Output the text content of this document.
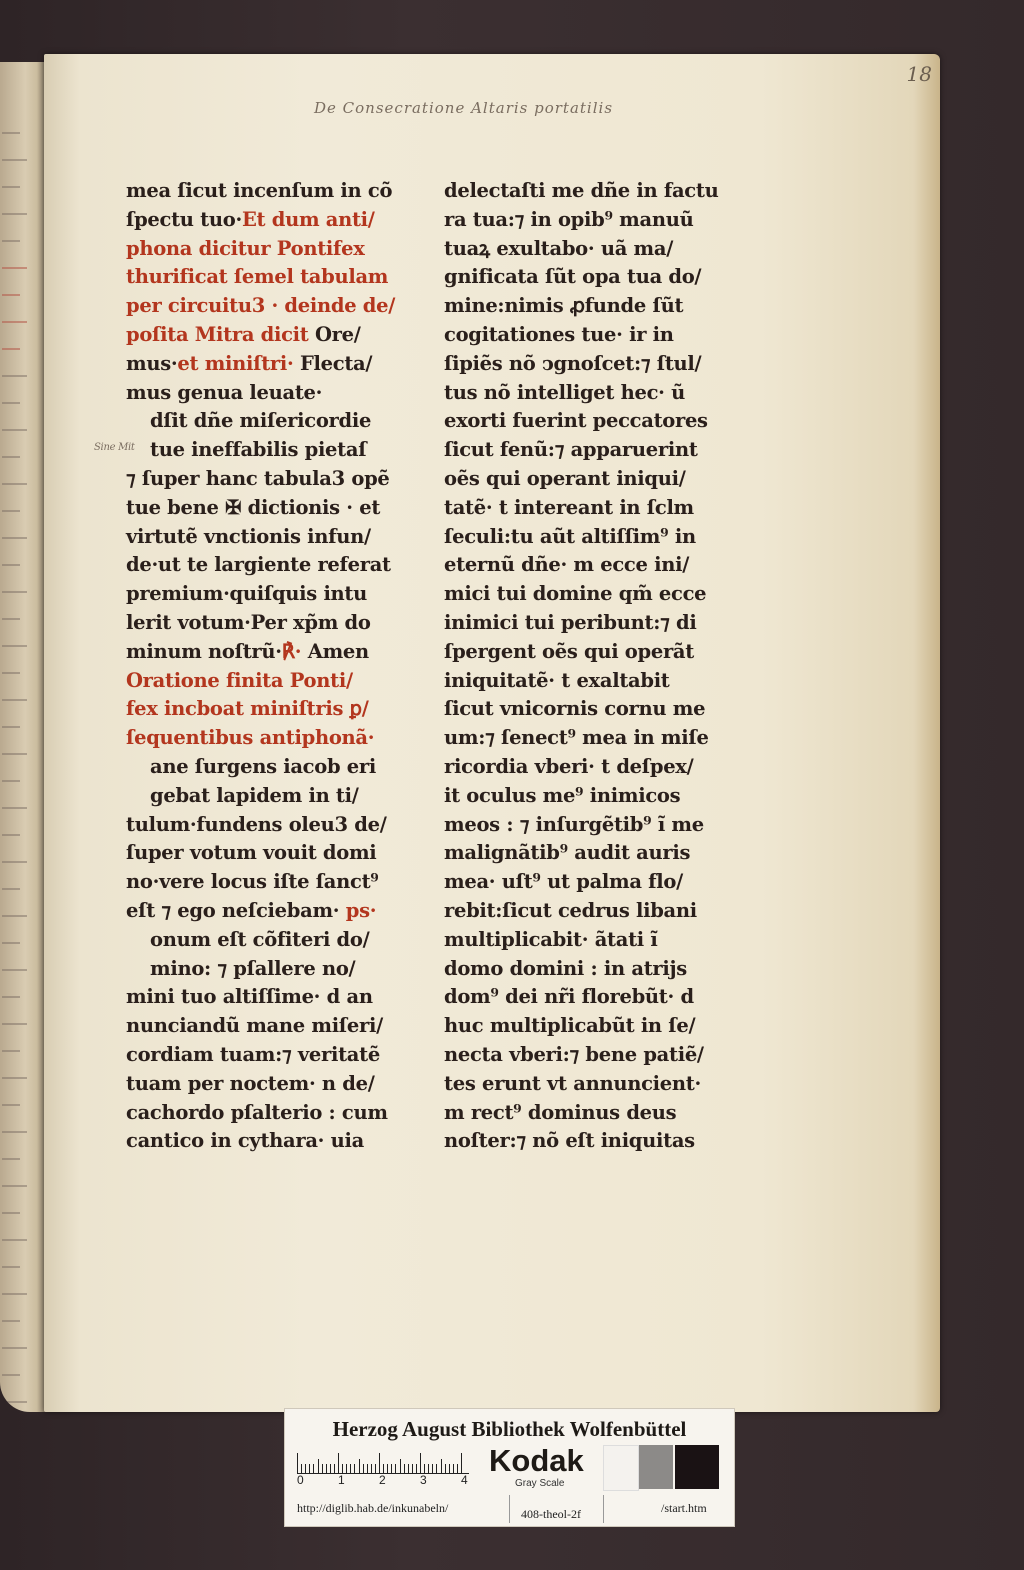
18
De Consecratione Altaris portatilis
Sine Mit
mea ſicut incenſum in cõ
ſpectu tuo·Et dum anti/
phona dicitur Pontifex
thurificat ſemel tabulam
per circuitu3 · deinde de/
poſita Mitra dicit Ore/
mus·et miniſtri· Flecta/
mus genua leuate·
dſit dñe miſericordie
tue ineffabilis pietaſ
⁊ ſuper hanc tabula3 opẽ
tue bene ✠ dictionis · et
virtutẽ vnctionis infun/
de·ut te largiente referat
premium·quiſquis intu
lerit votum·Per xp̃m do
minum noſtrũ·℟· Amen
Oratione finita Ponti/
fex incboat miniſtris ꝑ/
ſequentibus antiphonã·
ane ſurgens iacob eri
gebat lapidem in ti/
tulum·fundens oleu3 de/
ſuper votum vouit domi
no·vere locus iſte ſanct⁹
eſt ⁊ ego neſciebam· ps·
onum eſt cõfiteri do/
mino: ⁊ pſallere no/
mini tuo altiſſime· d an
nunciandũ mane miſeri/
cordiam tuam:⁊ veritatẽ
tuam per noctem· n de/
cachordo pſalterio : cum
cantico in cythara· uia
delectaſti me dñe in factu
ra tua:⁊ in opib⁹ manuũ
tuaꝝ exultabo· uã ma/
gnificata ſũt opa tua do/
mine:nimis ꝓfunde ſũt
cogitationes tue· ir in
ſipiẽs nõ ↄgnoſcet:⁊ ſtul/
tus nõ intelliget hec· ũ
exorti fuerint peccatores
ſicut fenũ:⁊ apparuerint
oẽs qui operant iniqui/
tatẽ· t intereant in ſclm
ſeculi:tu aũt altiſſim⁹ in
eternũ dñe· m ecce ini/
mici tui domine qm̃ ecce
inimici tui peribunt:⁊ di
ſpergent oẽs qui operãt
iniquitatẽ· t exaltabit
ſicut vnicornis cornu me
um:⁊ ſenect⁹ mea in miſe
ricordia vberi· t deſpex/
it oculus me⁹ inimicos
meos : ⁊ inſurgẽtib⁹ ĩ me
malignãtib⁹ audit auris
mea· uſt⁹ ut palma flo/
rebit:ſicut cedrus libani
multiplicabit· ãtati ĩ
domo domini : in atrijs
dom⁹ dei nr̃i florebũt· d
huc multiplicabũt in ſe/
necta vberi:⁊ bene patiẽ/
tes erunt vt annuncient·
m rect⁹ dominus deus
noſter:⁊ nõ eſt iniquitas
Herzog August Bibliothek Wolfenbüttel
0	1	2	3	4
Kodak
Gray Scale
http://diglib.hab.de/inkunabeln/	408-theol-2f	/start.htm
